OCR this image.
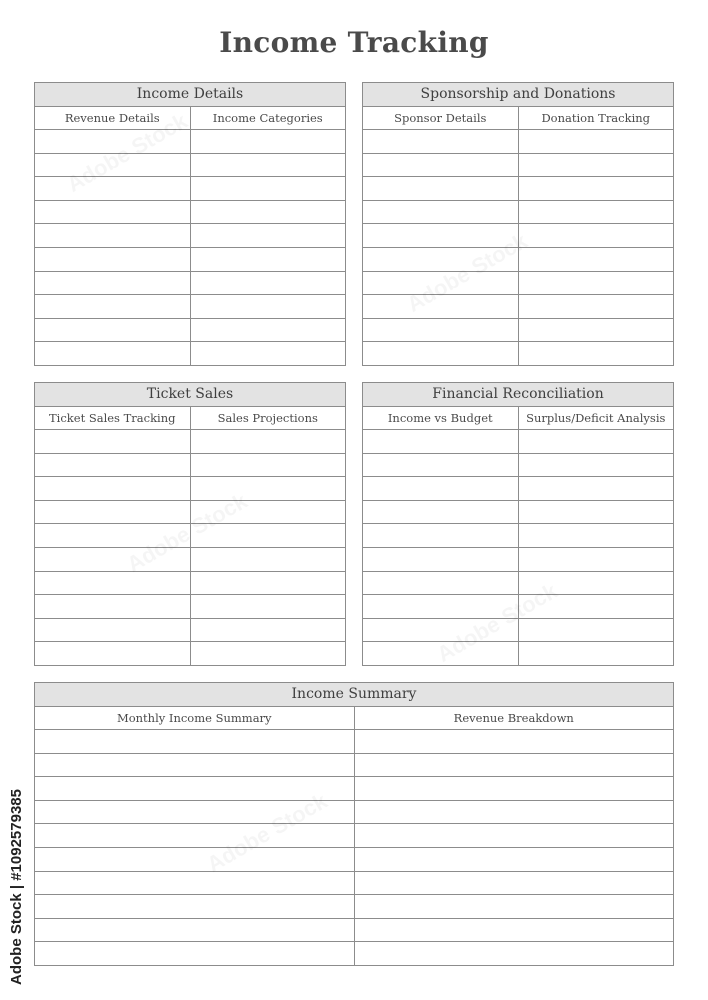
Income Tracking
Income Details
Revenue Details	Income Categories
Sponsorship and Donations
Sponsor Details	Donation Tracking
Ticket Sales
Ticket Sales Tracking	Sales Projections
Financial Reconciliation
Income vs Budget	Surplus/Deficit Analysis
Income Summary
Monthly Income Summary	Revenue Breakdown
Adobe Stock | #1092579385
